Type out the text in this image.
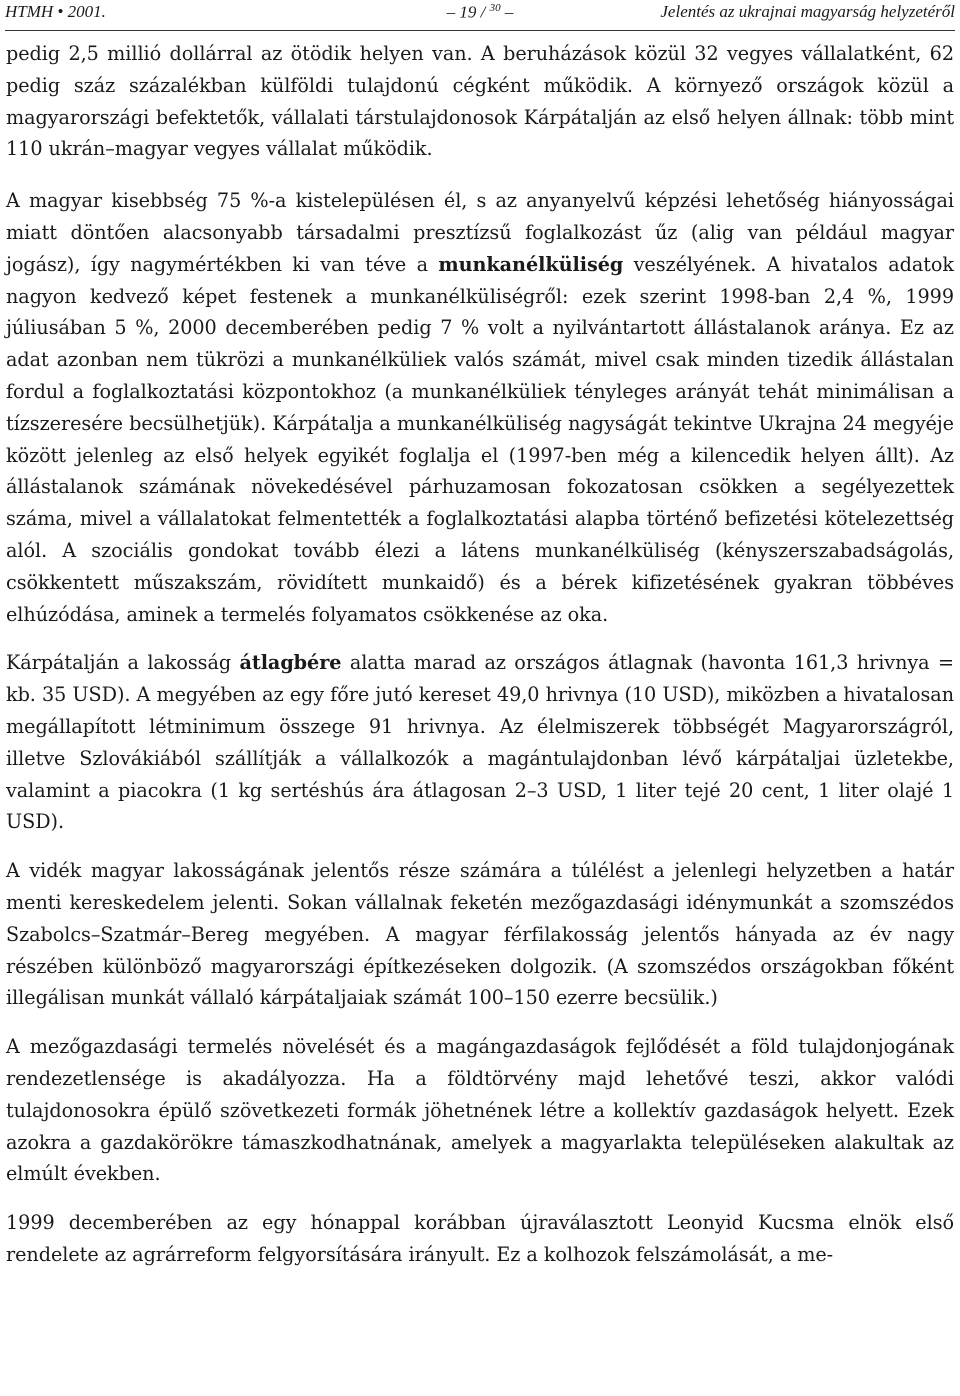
HTMH • 2001.	– 19 / $^{30}$ –	Jelentés az ukrajnai magyarság helyzetéről

pedig 2,5 millió dollárral az ötödik helyen van. A beruházások közül 32 vegyes vállalatként, 62 pedig száz százalékban külföldi tulajdonú cégként működik. A környező országok közül a magyarországi befektetők, vállalati társtulajdonosok Kárpátalján az első helyen állnak: több mint 110 ukrán–magyar vegyes vállalat működik.

A magyar kisebbség 75 %-a kistelepülésen él, s az anyanyelvű képzési lehetőség hiányosságai miatt döntően alacsonyabb társadalmi presztízsű foglalkozást űz (alig van például magyar jogász), így nagymértékben ki van téve a munkanélküliség veszélyének. A hivatalos adatok nagyon kedvező képet festenek a munkanélküliségről: ezek szerint 1998-ban 2,4 %, 1999 júliusában 5 %, 2000 decemberében pedig 7 % volt a nyilvántartott állástalanok aránya. Ez az adat azonban nem tükrözi a munkanélküliek valós számát, mivel csak minden tizedik állástalan fordul a foglalkoztatási központokhoz (a munkanélküliek tényleges arányát tehát minimálisan a tízszeresére becsülhetjük). Kárpátalja a munkanélküliség nagyságát tekintve Ukrajna 24 megyéje között jelenleg az első helyek egyikét foglalja el (1997-ben még a kilencedik helyen állt). Az állástalanok számának növekedésével párhuzamosan fokozatosan csökken a segélyezettek száma, mivel a vállalatokat felmentették a foglalkoztatási alapba történő befizetési kötelezettség alól. A szociális gondokat tovább élezi a látens munkanélküliség (kényszerszabadságolás, csökkentett műszakszám, rövidített munkaidő) és a bérek kifizetésének gyakran többéves elhúzódása, aminek a termelés folyamatos csökkenése az oka.

Kárpátalján a lakosság átlagbére alatta marad az országos átlagnak (havonta 161,3 hrivnya = kb. 35 USD). A megyében az egy főre jutó kereset 49,0 hrivnya (10 USD), miközben a hivatalosan megállapított létminimum összege 91 hrivnya. Az élelmiszerek többségét Magyarországról, illetve Szlovákiából szállítják a vállalkozók a magántulajdonban lévő kárpátaljai üzletekbe, valamint a piacokra (1 kg sertéshús ára átlagosan 2–3 USD, 1 liter tejé 20 cent, 1 liter olajé 1 USD).

A vidék magyar lakosságának jelentős része számára a túlélést a jelenlegi helyzetben a határ menti kereskedelem jelenti. Sokan vállalnak feketén mezőgazdasági idénymunkát a szomszédos Szabolcs–Szatmár–Bereg megyében. A magyar férfilakosság jelentős hányada az év nagy részében különböző magyarországi építkezéseken dolgozik. (A szomszédos országokban főként illegálisan munkát vállaló kárpátaljaiak számát 100–150 ezerre becsülik.)

A mezőgazdasági termelés növelését és a magángazdaságok fejlődését a föld tulajdonjogának rendezetlensége is akadályozza. Ha a földtörvény majd lehetővé teszi, akkor valódi tulajdonosokra épülő szövetkezeti formák jöhetnének létre a kollektív gazdaságok helyett. Ezek azokra a gazdakörökre támaszkodhatnának, amelyek a magyarlakta településeken alakultak az elmúlt években.

1999 decemberében az egy hónappal korábban újraválasztott Leonyid Kucsma elnök első rendelete az agrárreform felgyorsítására irányult. Ez a kolhozok felszámolását, a me-
